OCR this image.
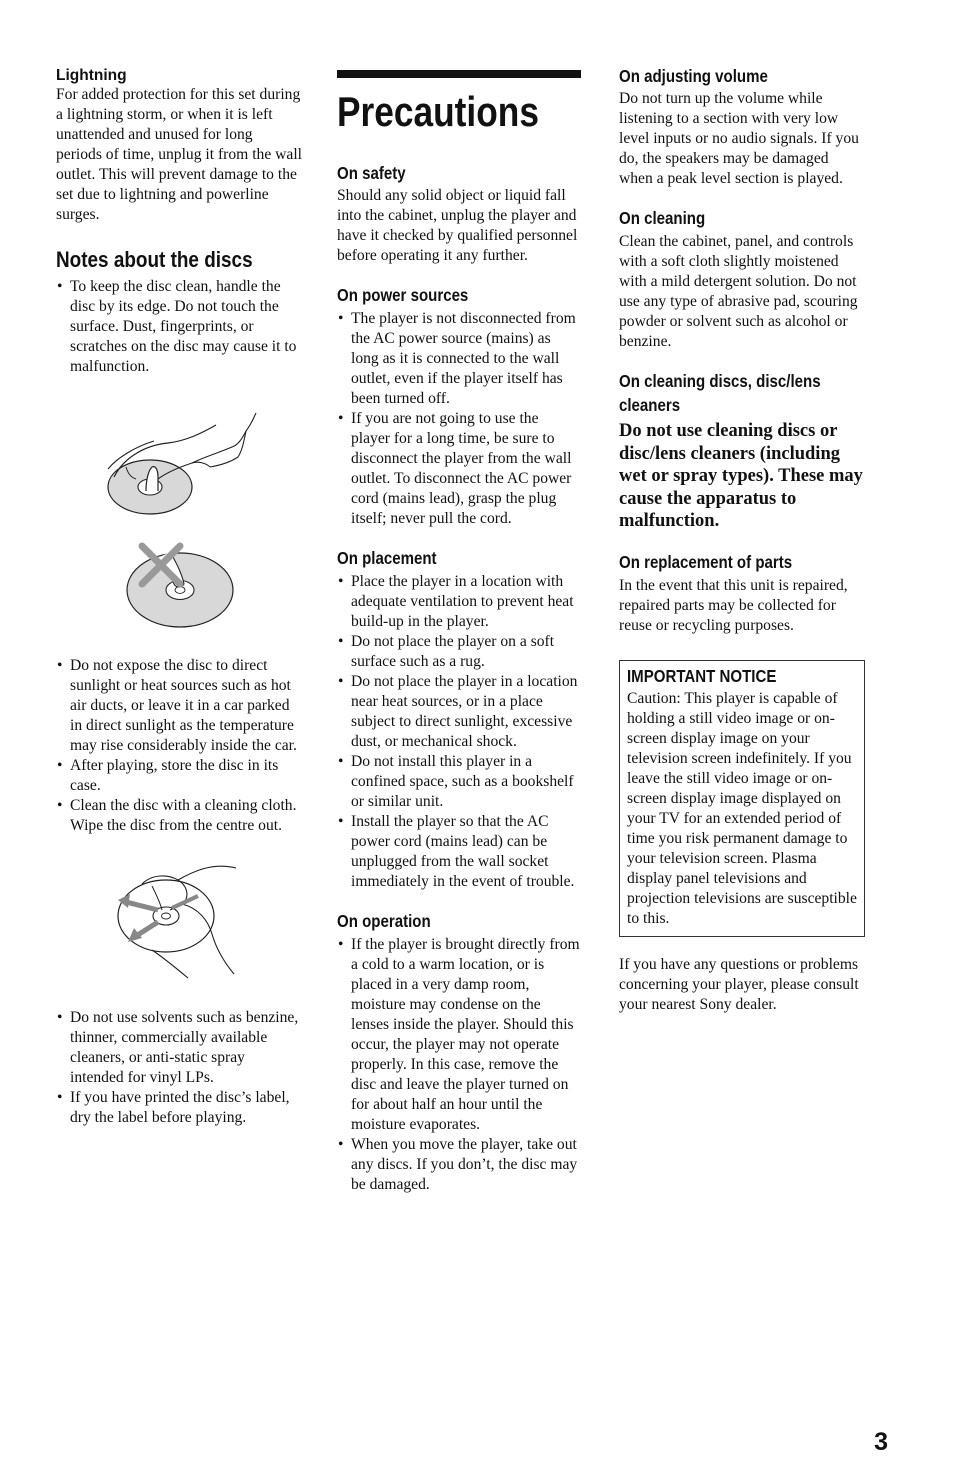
Lightning

For added protection for this set during a lightning storm, or when it is left unattended and unused for long periods of time, unplug it from the wall outlet. This will prevent damage to the set due to lightning and powerline surges.

Notes about the discs
• To keep the disc clean, handle the disc by its edge. Do not touch the surface. Dust, fingerprints, or scratches on the disc may cause it to malfunction.
• Do not expose the disc to direct sunlight or heat sources such as hot air ducts, or leave it in a car parked in direct sunlight as the temperature may rise considerably inside the car.
• After playing, store the disc in its case.
• Clean the disc with a cleaning cloth.

Wipe the disc from the centre out.

• Do not use solvents such as benzine, thinner, commercially available cleaners, or anti-static spray intended for vinyl LPs.
• If you have printed the disc’s label, dry the label before playing.
Precautions
On safety

Should any solid object or liquid fall into the cabinet, unplug the player and have it checked by qualified personnel before operating it any further.

On power sources
• The player is not disconnected from the AC power source (mains) as long as it is connected to the wall outlet, even if the player itself has been turned off.
• If you are not going to use the player for a long time, be sure to disconnect the player from the wall outlet. To disconnect the AC power cord (mains lead), grasp the plug itself; never pull the cord.
On placement
• Place the player in a location with adequate ventilation to prevent heat build-up in the player.
• Do not place the player on a soft surface such as a rug.
• Do not place the player in a location near heat sources, or in a place subject to direct sunlight, excessive dust, or mechanical shock.
• Do not install this player in a confined space, such as a bookshelf or similar unit.
• Install the player so that the AC power cord (mains lead) can be unplugged from the wall socket immediately in the event of trouble.
On operation
• If the player is brought directly from a cold to a warm location, or is placed in a very damp room, moisture may condense on the lenses inside the player. Should this occur, the player may not operate properly. In this case, remove the disc and leave the player turned on for about half an hour until the moisture evaporates.
• When you move the player, take out any discs. If you don’t, the disc may be damaged.
On adjusting volume

Do not turn up the volume while listening to a section with very low level inputs or no audio signals. If you do, the speakers may be damaged when a peak level section is played.

On cleaning

Clean the cabinet, panel, and controls with a soft cloth slightly moistened with a mild detergent solution. Do not use any type of abrasive pad, scouring powder or solvent such as alcohol or benzine.

On cleaning discs, disc/lens
cleaners

Do not use cleaning discs or disc/lens cleaners (including wet or spray types). These may cause the apparatus to malfunction.

On replacement of parts

In the event that this unit is repaired, repaired parts may be collected for reuse or recycling purposes.

IMPORTANT NOTICE

Caution: This player is capable of holding a still video image or on-screen display image on your television screen indefinitely. If you leave the still video image or on-screen display image displayed on your TV for an extended period of time you risk permanent damage to your television screen. Plasma display panel televisions and projection televisions are susceptible to this.

If you have any questions or problems concerning your player, please consult your nearest Sony dealer.

3
